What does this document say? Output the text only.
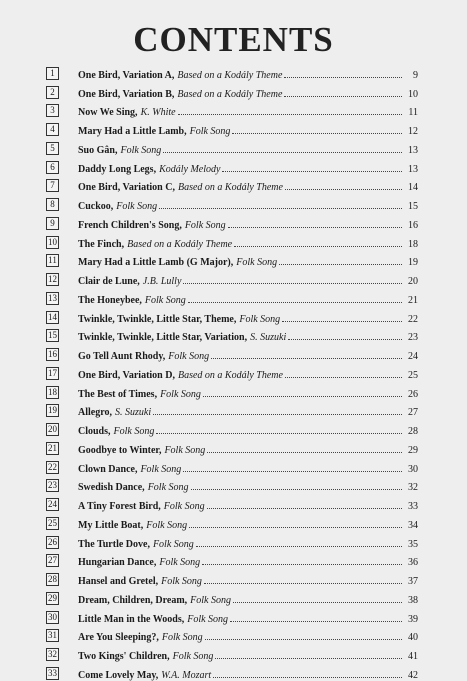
CONTENTS
1	One Bird, Variation A, Based on a Kodály Theme	9
2	One Bird, Variation B, Based on a Kodály Theme	10
3	Now We Sing, K. White	11
4	Mary Had a Little Lamb, Folk Song	12
5	Suo Gân, Folk Song	13
6	Daddy Long Legs, Kodály Melody	13
7	One Bird, Variation C, Based on a Kodály Theme	14
8	Cuckoo, Folk Song	15
9	French Children's Song, Folk Song	16
10 The Finch, Based on a Kodály Theme	18
11 Mary Had a Little Lamb (G Major), Folk Song	19
12 Clair de Lune, J.B. Lully	20
13 The Honeybee, Folk Song	21
14 Twinkle, Twinkle, Little Star, Theme, Folk Song	22
15 Twinkle, Twinkle, Little Star, Variation, S. Suzuki	23
16 Go Tell Aunt Rhody, Folk Song	24
17 One Bird, Variation D, Based on a Kodály Theme	25
18 The Best of Times, Folk Song	26
19 Allegro, S. Suzuki	27
20 Clouds, Folk Song	28
21 Goodbye to Winter, Folk Song	29
22 Clown Dance, Folk Song	30
23 Swedish Dance, Folk Song	32
24 A Tiny Forest Bird, Folk Song	33
25 My Little Boat, Folk Song	34
26 The Turtle Dove, Folk Song	35
27 Hungarian Dance, Folk Song	36
28 Hansel and Gretel, Folk Song	37
29 Dream, Children, Dream, Folk Song	38
30 Little Man in the Woods, Folk Song	39
31 Are You Sleeping?, Folk Song	40
32 Two Kings' Children, Folk Song	41
33 Come Lovely May, W.A. Mozart	42
